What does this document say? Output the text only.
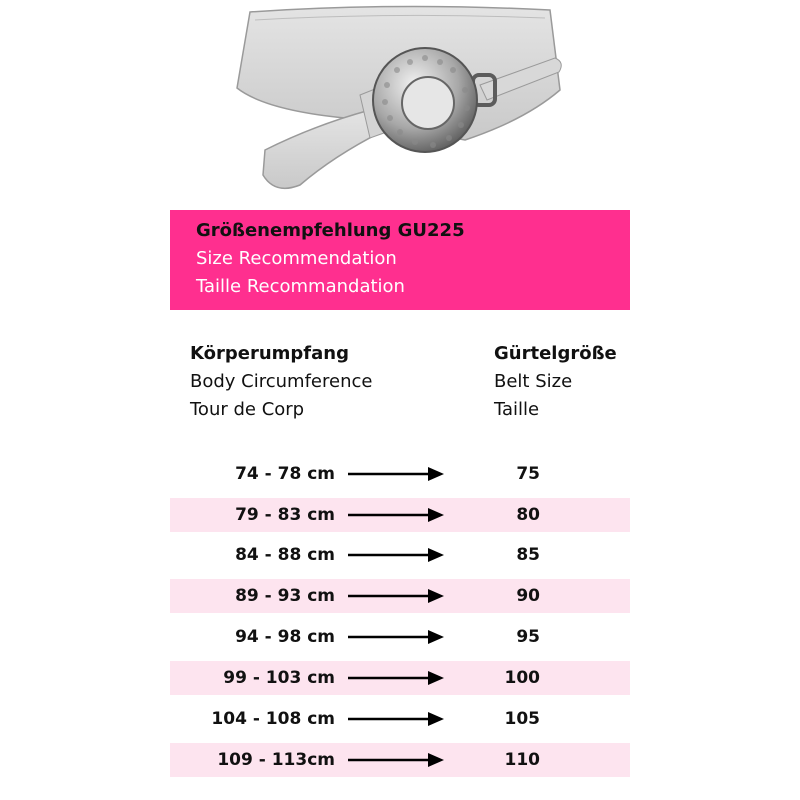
Größenempfehlung GU225
Size Recommendation
Taille Recommandation
Körperumpfang
Body Circumference
Tour de Corp
Gürtelgröße
Belt Size
Taille
74 - 78 cm	75
79 - 83 cm	80
84 - 88 cm	85
89 - 93 cm	90
94 - 98 cm	95
99 - 103 cm	100
104 - 108 cm	105
109 - 113cm	110
